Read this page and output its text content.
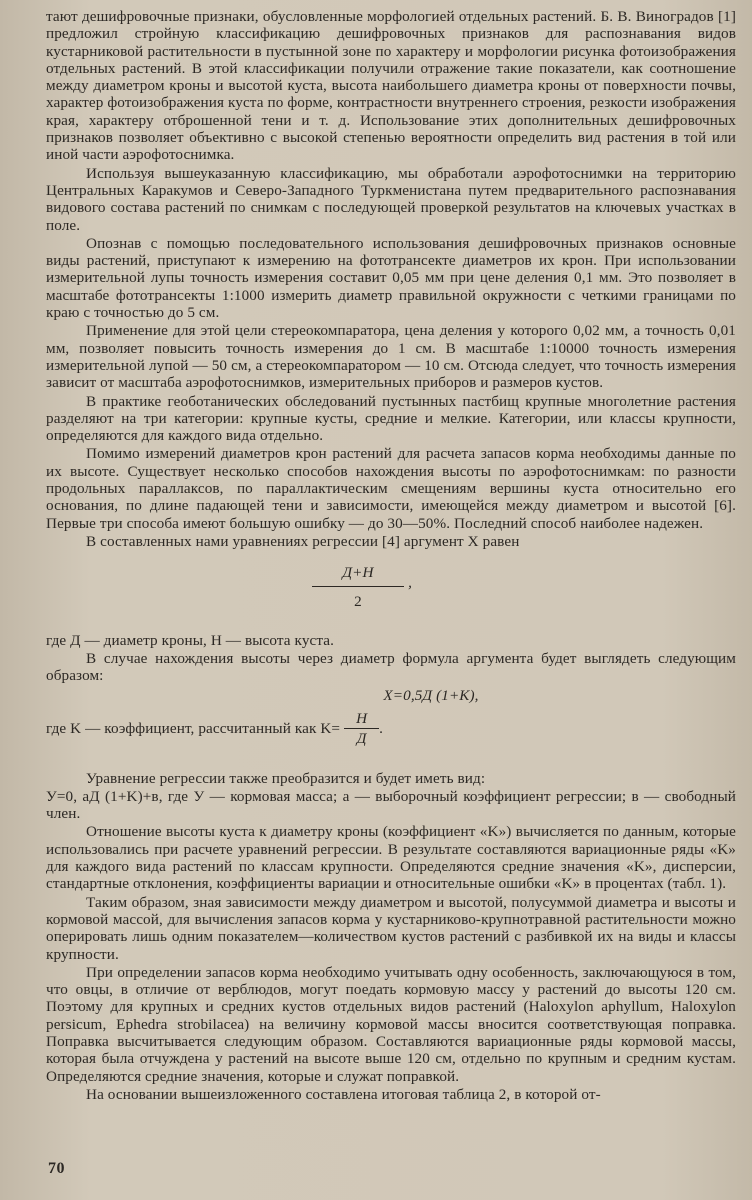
тают дешифровочные признаки, обусловленные морфологией отдельных растений. Б. В. Виноградов [1] предложил стройную классификацию дешифровочных признаков для распознавания видов кустарниковой растительности в пустынной зоне по характеру и морфологии рисунка фотоизображения отдельных растений. В этой классификации получили отражение такие показатели, как соотношение между диаметром кроны и высотой куста, высота наибольшего диаметра кроны от поверхности почвы, характер фотоизображения куста по форме, контрастности внутреннего строения, резкости изображения края, характеру отброшенной тени и т. д. Использование этих дополнительных дешифровочных признаков позволяет объективно с высокой степенью вероятности определить вид растения в той или иной части аэрофотоснимка.

Используя вышеуказанную классификацию, мы обработали аэрофотоснимки на территорию Центральных Каракумов и Северо-Западного Туркменистана путем предварительного распознавания видового состава растений по снимкам с последующей проверкой результатов на ключевых участках в поле.

Опознав с помощью последовательного использования дешифровочных признаков основные виды растений, приступают к измерению на фототрансекте диаметров их крон. При использовании измерительной лупы точность измерения составит 0,05 мм при цене деления 0,1 мм. Это позволяет в масштабе фототрансекты 1:1000 измерить диаметр правильной окружности с четкими границами по краю с точностью до 5 см.

Применение для этой цели стереокомпаратора, цена деления у которого 0,02 мм, а точность 0,01 мм, позволяет повысить точность измерения до 1 см. В масштабе 1:10000 точность измерения измерительной лупой — 50 см, а стереокомпаратором — 10 см. Отсюда следует, что точность измерения зависит от масштаба аэрофотоснимков, измерительных приборов и размеров кустов.

В практике геоботанических обследований пустынных пастбищ крупные многолетние растения разделяют на три категории: крупные кусты, средние и мелкие. Категории, или классы крупности, определяются для каждого вида отдельно.

Помимо измерений диаметров крон растений для расчета запасов корма необходимы данные по их высоте. Существует несколько способов нахождения высоты по аэрофотоснимкам: по разности продольных параллаксов, по параллактическим смещениям вершины куста относительно его основания, по длине падающей тени и зависимости, имеющейся между диаметром и высотой [6]. Первые три способа имеют большую ошибку — до 30—50%. Последний способ наиболее надежен.

В составленных нами уравнениях регрессии [4] аргумент X равен

Д+Н
2
,

где Д — диаметр кроны, Н — высота куста.

В случае нахождения высоты через диаметр формула аргумента будет выглядеть следующим образом:

X=0,5Д (1+K),
где K — коэффициент, рассчитанный как K=
Н
Д
.

Уравнение регрессии также преобразится и будет иметь вид:

У=0, аД (1+K)+в, где У — кормовая масса; а — выборочный коэффициент регрессии; в — свободный член.

Отношение высоты куста к диаметру кроны (коэффициент «K») вычисляется по данным, которые использовались при расчете уравнений регрессии. В результате составляются вариационные ряды «K» для каждого вида растений по классам крупности. Определяются средние значения «K», дисперсии, стандартные отклонения, коэффициенты вариации и относительные ошибки «K» в процентах (табл. 1).

Таким образом, зная зависимости между диаметром и высотой, полусуммой диаметра и высоты и кормовой массой, для вычисления запасов корма у кустарниково-крупнотравной растительности можно оперировать лишь одним показателем—количеством кустов растений с разбивкой их на виды и классы крупности.

При определении запасов корма необходимо учитывать одну особенность, заключающуюся в том, что овцы, в отличие от верблюдов, могут поедать кормовую массу у растений до высоты 120 см. Поэтому для крупных и средних кустов отдельных видов растений (Haloxylon aphyllum, Haloxylon persicum, Ephedra strobilacea) на величину кормовой массы вносится соответствующая поправка. Поправка высчитывается следующим образом. Составляются вариационные ряды кормовой массы, которая была отчуждена у растений на высоте выше 120 см, отдельно по крупным и средним кустам. Определяются средние значения, которые и служат поправкой.

На основании вышеизложенного составлена итоговая таблица 2, в которой от-

70
